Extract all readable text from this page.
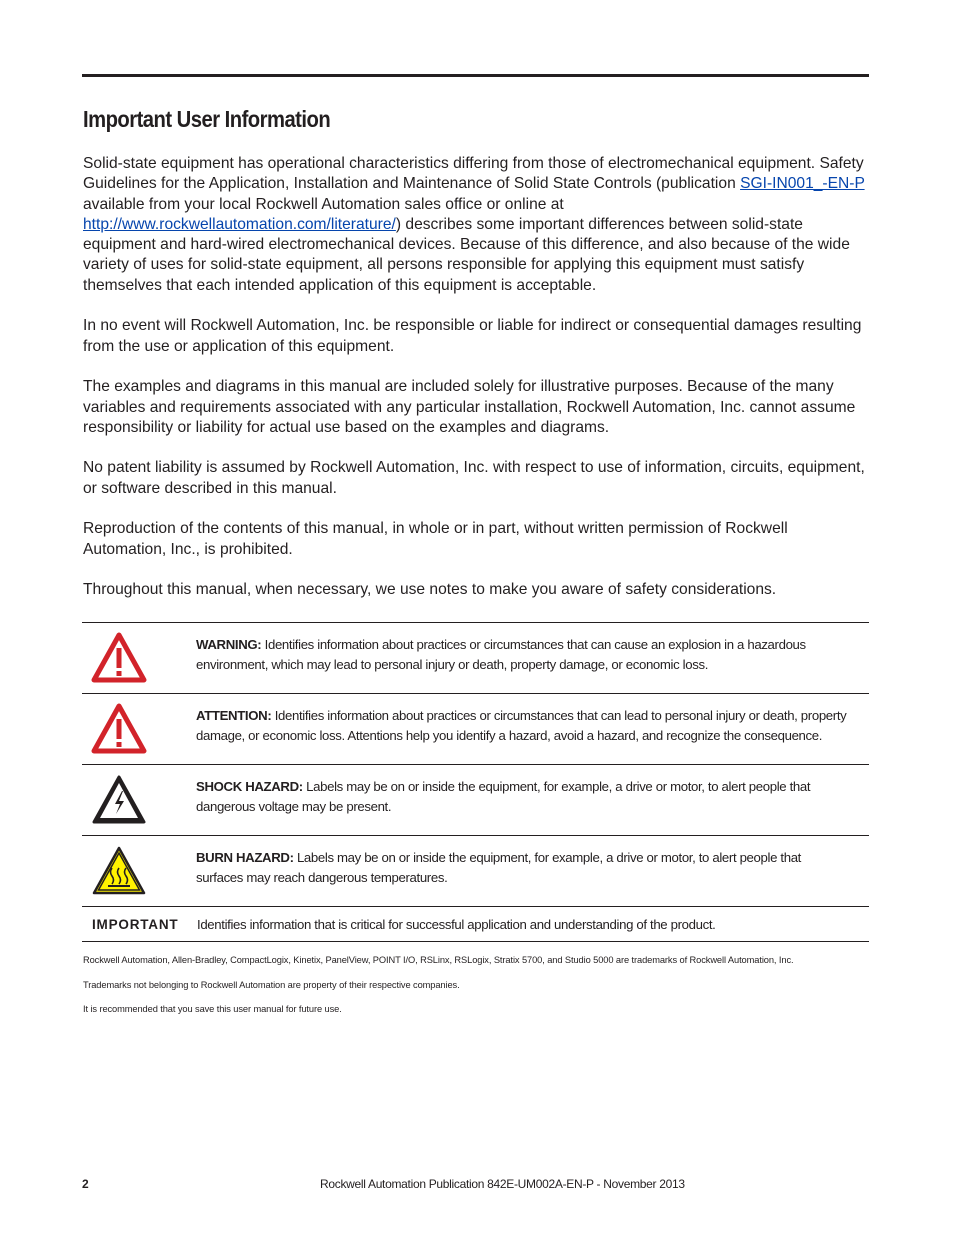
Important User Information

Solid-state equipment has operational characteristics differing from those of electromechanical equipment. Safety Guidelines for the Application, Installation and Maintenance of Solid State Controls (publication SGI-IN001_-EN-P available from your local Rockwell Automation sales office or online at http://www.rockwellautomation.com/literature/) describes some important differences between solid-state equipment and hard-wired electromechanical devices. Because of this difference, and also because of the wide variety of uses for solid-state equipment, all persons responsible for applying this equipment must satisfy themselves that each intended application of this equipment is acceptable.

In no event will Rockwell Automation, Inc. be responsible or liable for indirect or consequential damages resulting from the use or application of this equipment.

The examples and diagrams in this manual are included solely for illustrative purposes. Because of the many variables and requirements associated with any particular installation, Rockwell Automation, Inc. cannot assume responsibility or liability for actual use based on the examples and diagrams.

No patent liability is assumed by Rockwell Automation, Inc. with respect to use of information, circuits, equipment, or software described in this manual.

Reproduction of the contents of this manual, in whole or in part, without written permission of Rockwell Automation, Inc., is prohibited.

Throughout this manual, when necessary, we use notes to make you aware of safety considerations.

	WARNING: Identifies information about practices or circumstances that can cause an explosion in a hazardous environment, which may lead to personal injury or death, property damage, or economic loss.

	ATTENTION: Identifies information about practices or circumstances that can lead to personal injury or death, property damage, or economic loss. Attentions help you identify a hazard, avoid a hazard, and recognize the consequence.

	SHOCK HAZARD: Labels may be on or inside the equipment, for example, a drive or motor, to alert people that dangerous voltage may be present.

	BURN HAZARD: Labels may be on or inside the equipment, for example, a drive or motor, to alert people that surfaces may reach dangerous temperatures.
IMPORTANT	Identifies information that is critical for successful application and understanding of the product.
Rockwell Automation, Allen-Bradley, CompactLogix, Kinetix, PanelView, POINT I/O, RSLinx, RSLogix, Stratix 5700, and Studio 5000 are trademarks of Rockwell Automation, Inc.
Trademarks not belonging to Rockwell Automation are property of their respective companies.
It is recommended that you save this user manual for future use.
2	Rockwell Automation Publication 842E-UM002A-EN-P - November 2013
